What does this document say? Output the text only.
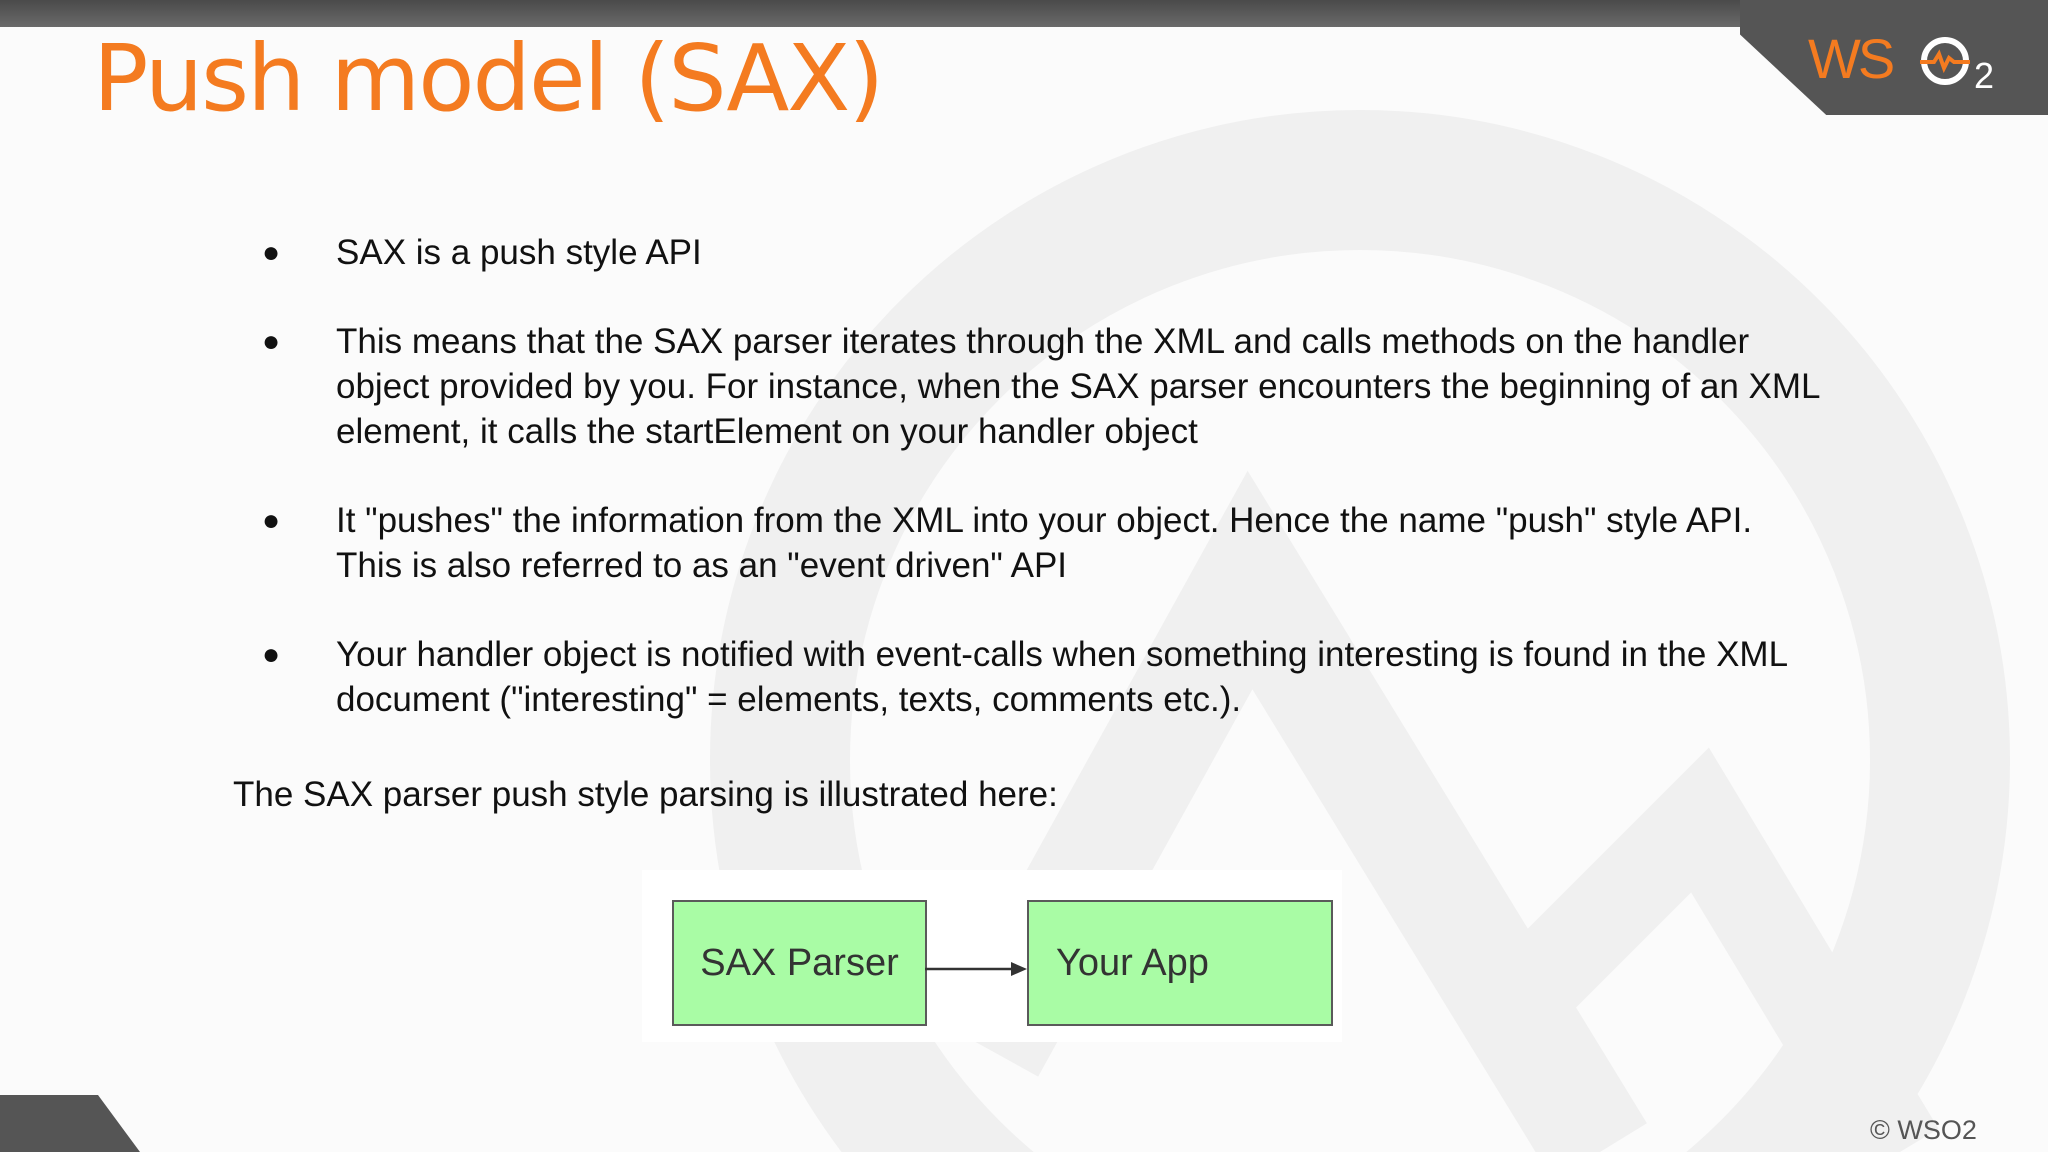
WS 2
Push model (SAX)
● SAX is a push style API
● This means that the SAX parser iterates through the XML and calls methods on the handler object provided by you. For instance, when the SAX parser encounters the beginning of an XML element, it calls the startElement on your handler object
● It "pushes" the information from the XML into your object. Hence the name "push" style API. This is also referred to as an "event driven" API
● Your handler object is notified with event-calls when something interesting is found in the XML document ("interesting" = elements, texts, comments etc.).
The SAX parser push style parsing is illustrated here:
SAX Parser	Your App
© WSO2
